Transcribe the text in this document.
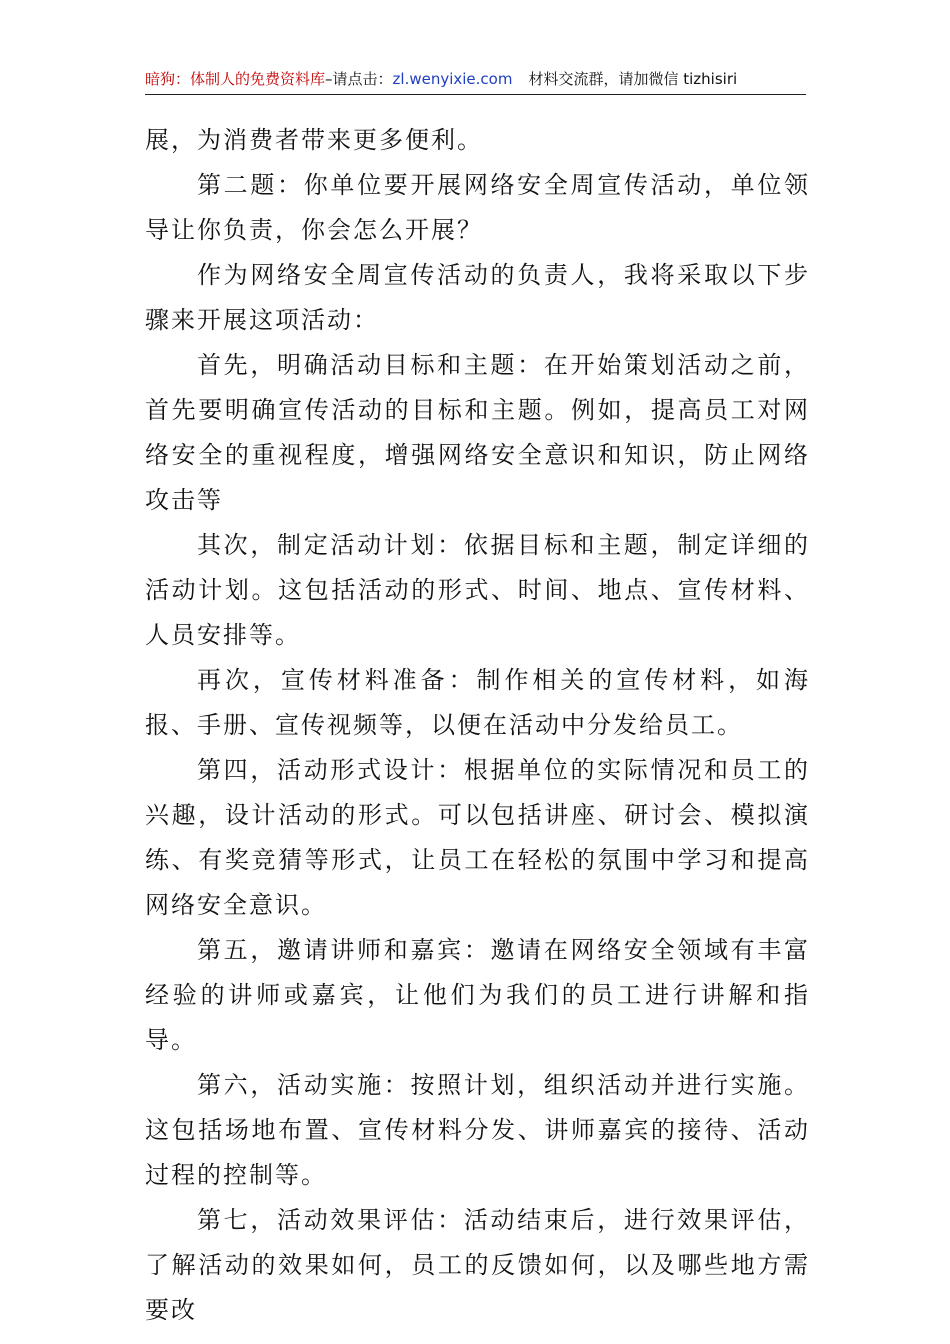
暗狗：体制人的免费资料库–请点击：zl.wenyixie.com 材料交流群，请加微信 tizhisiri

展，为消费者带来更多便利。

第二题：你单位要开展网络安全周宣传活动，单位领导让你负责，你会怎么开展？

作为网络安全周宣传活动的负责人，我将采取以下步骤来开展这项活动：

首先，明确活动目标和主题：在开始策划活动之前，首先要明确宣传活动的目标和主题。例如，提高员工对网络安全的重视程度，增强网络安全意识和知识，防止网络攻击等

其次，制定活动计划：依据目标和主题，制定详细的活动计划。这包括活动的形式、时间、地点、宣传材料、人员安排等。

再次，宣传材料准备：制作相关的宣传材料，如海报、手册、宣传视频等，以便在活动中分发给员工。

第四，活动形式设计：根据单位的实际情况和员工的兴趣，设计活动的形式。可以包括讲座、研讨会、模拟演练、有奖竞猜等形式，让员工在轻松的氛围中学习和提高网络安全意识。

第五，邀请讲师和嘉宾：邀请在网络安全领域有丰富经验的讲师或嘉宾，让他们为我们的员工进行讲解和指导。

第六，活动实施：按照计划，组织活动并进行实施。这包括场地布置、宣传材料分发、讲师嘉宾的接待、活动过程的控制等。

第七，活动效果评估：活动结束后，进行效果评估，了解活动的效果如何，员工的反馈如何，以及哪些地方需要改
